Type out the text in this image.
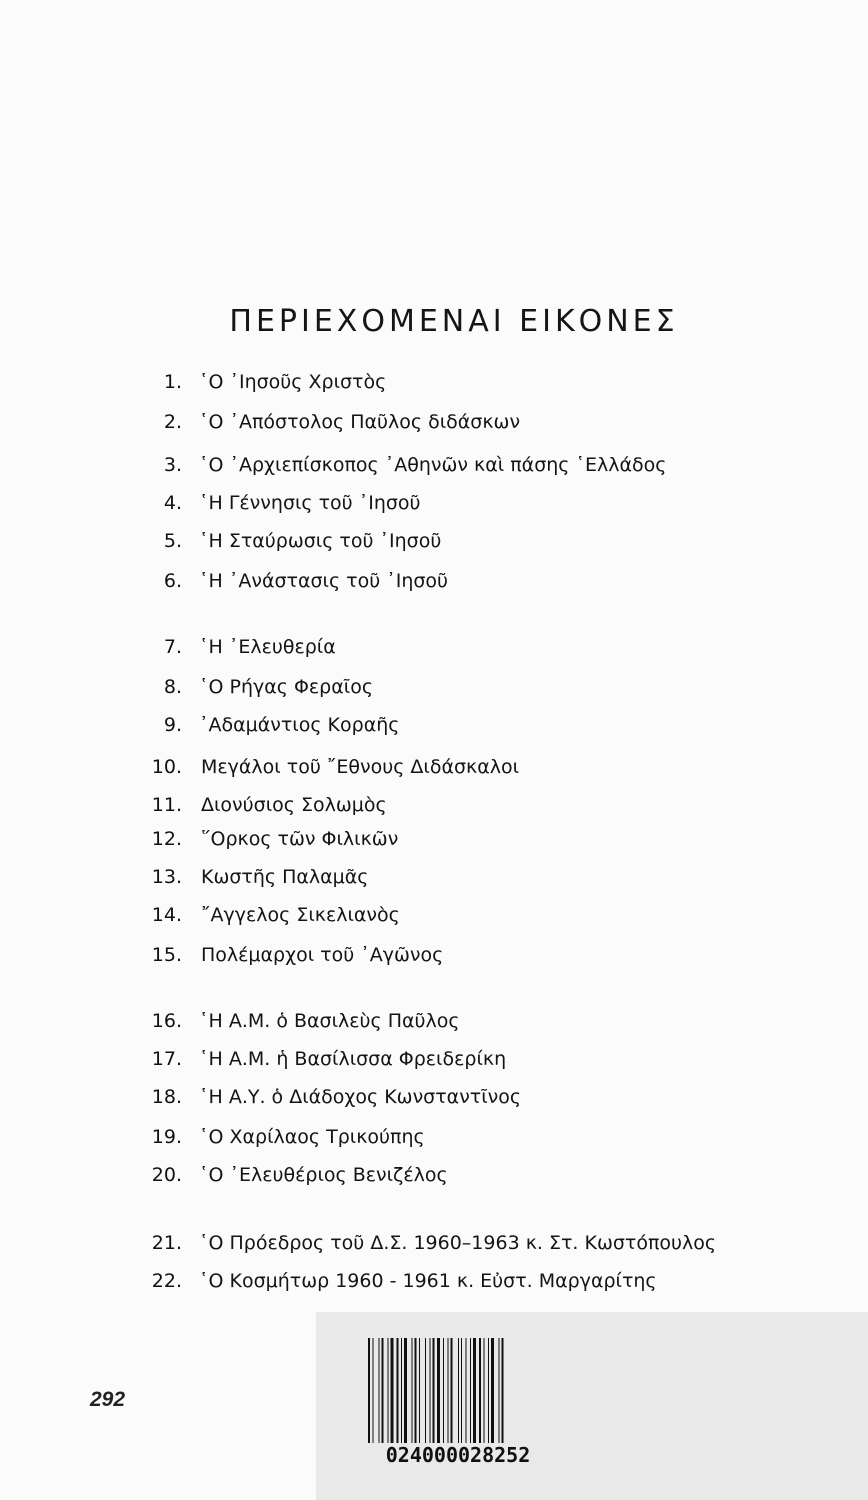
ΠΕΡΙΕΧΟΜΕΝΑΙ ΕΙΚΟΝΕΣ
1. ῾Ο ᾽Ιησοῦς Χριστὸς
2. ῾Ο ᾽Απόστολος Παῦλος διδάσκων
3. ῾Ο ᾽Αρχιεπίσκοπος ᾽Αθηνῶν καὶ πάσης ῾Ελλάδος
4. ῾Η Γέννησις τοῦ ᾽Ιησοῦ
5. ῾Η Σταύρωσις τοῦ ᾽Ιησοῦ
6. ῾Η ᾽Ανάστασις τοῦ ᾽Ιησοῦ
7. ῾Η ᾽Ελευθερία
8. ῾Ο Ρήγας Φεραῖος
9. ᾽Αδαμάντιος Κοραῆς
10. Μεγάλοι τοῦ ῎Εθνους Διδάσκαλοι
11. Διονύσιος Σολωμὸς
12. ῞Ορκος τῶν Φιλικῶν
13. Κωστῆς Παλαμᾶς
14. ῎Αγγελος Σικελιανὸς
15. Πολέμαρχοι τοῦ ᾽Αγῶνος
16. ῾Η Α.Μ. ὁ Βασιλεὺς Παῦλος
17. ῾Η Α.Μ. ἡ Βασίλισσα Φρειδερίκη
18. ῾Η Α.Υ. ὁ Διάδοχος Κωνσταντῖνος
19. ῾Ο Χαρίλαος Τρικούπης
20. ῾Ο ᾽Ελευθέριος Βενιζέλος
21. ῾Ο Πρόεδρος τοῦ Δ.Σ. 1960–1963 κ. Στ. Κωστόπουλος
22. ῾Ο Κοσμήτωρ 1960 - 1961 κ. Εὐστ. Μαργαρίτης
292
024000028252
